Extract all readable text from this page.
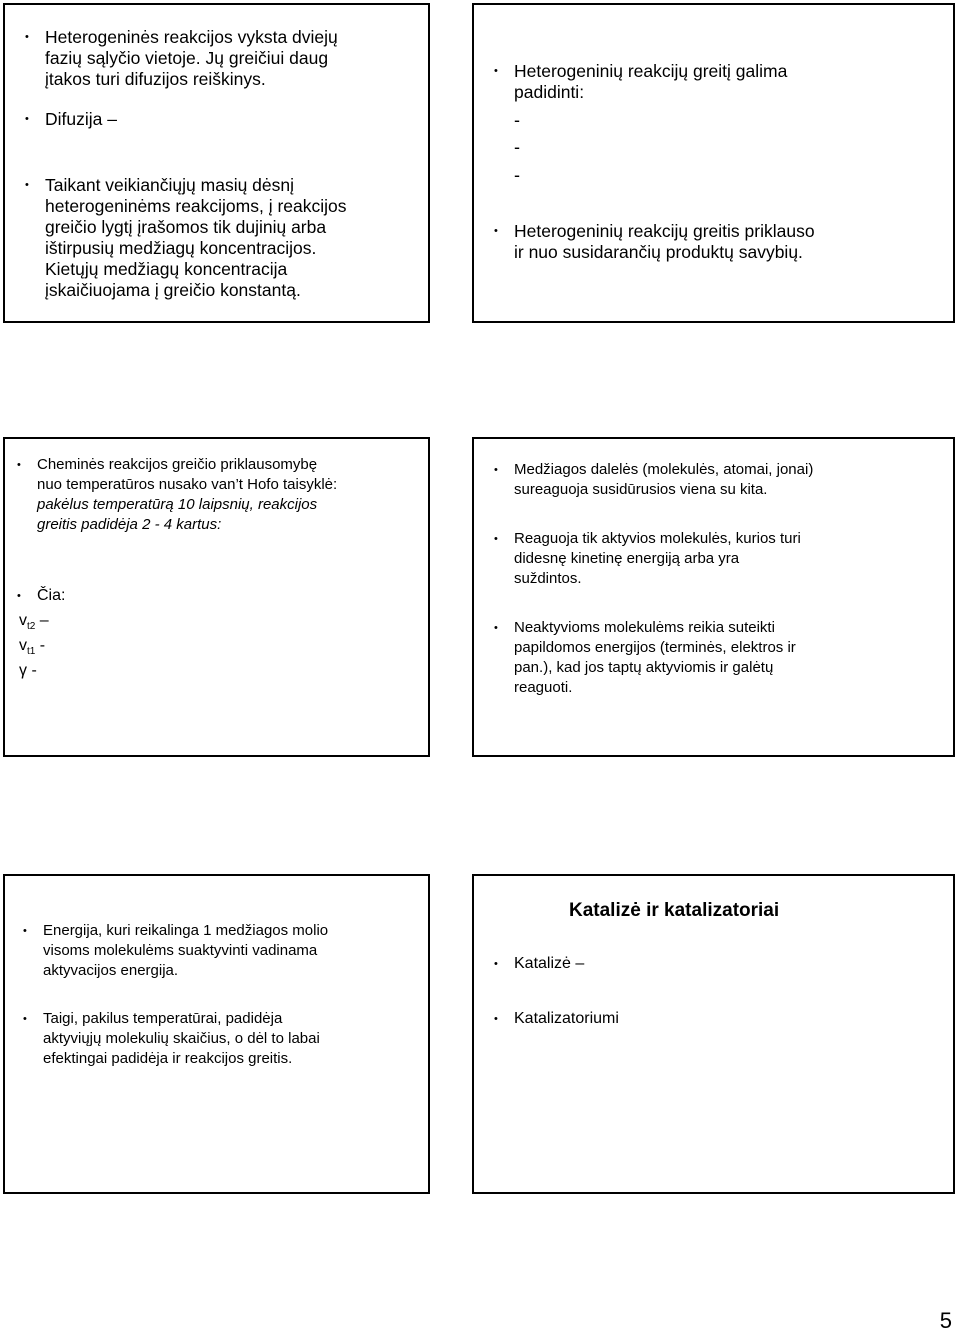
• Heterogeninės reakcijos vyksta dviejų
fazių sąlyčio vietoje. Jų greičiui daug
įtakos turi difuzijos reiškinys.
• Difuzija –
• Taikant veikiančiųjų masių dėsnį
heterogeninėms reakcijoms, į reakcijos
greičio lygtį įrašomos tik dujinių arba
ištirpusių medžiagų koncentracijos.
Kietųjų medžiagų koncentracija
įskaičiuojama į greičio konstantą.
• Heterogeninių reakcijų greitį galima
padidinti:
-
-
-
• Heterogeninių reakcijų greitis priklauso
ir nuo susidarančių produktų savybių.
•	Cheminės reakcijos greičio priklausomybę
nuo temperatūros nusako van’t Hofo taisyklė:
pakėlus temperatūrą 10 laipsnių, reakcijos
greitis padidėja 2 - 4 kartus:
•	Čia:
$v_{t2}$ –
$v_{t1}$ -
γ -
•	Medžiagos dalelės (molekulės, atomai, jonai)
sureaguoja susidūrusios viena su kita.
•	Reaguoja tik aktyvios molekulės, kurios turi
didesnę kinetinę energiją arba yra
suždintos.
•	Neaktyvioms molekulėms reikia suteikti
papildomos energijos (terminės, elektros ir
pan.), kad jos taptų aktyviomis ir galėtų
reaguoti.
•	Energija, kuri reikalinga 1 medžiagos molio
visoms molekulėms suaktyvinti vadinama
aktyvacijos energija.
•	Taigi, pakilus temperatūrai, padidėja
aktyviųjų molekulių skaičius, o dėl to labai
efektingai padidėja ir reakcijos greitis.
Katalizė ir katalizatoriai
•	Katalizė –
•	Katalizatoriumi
5
